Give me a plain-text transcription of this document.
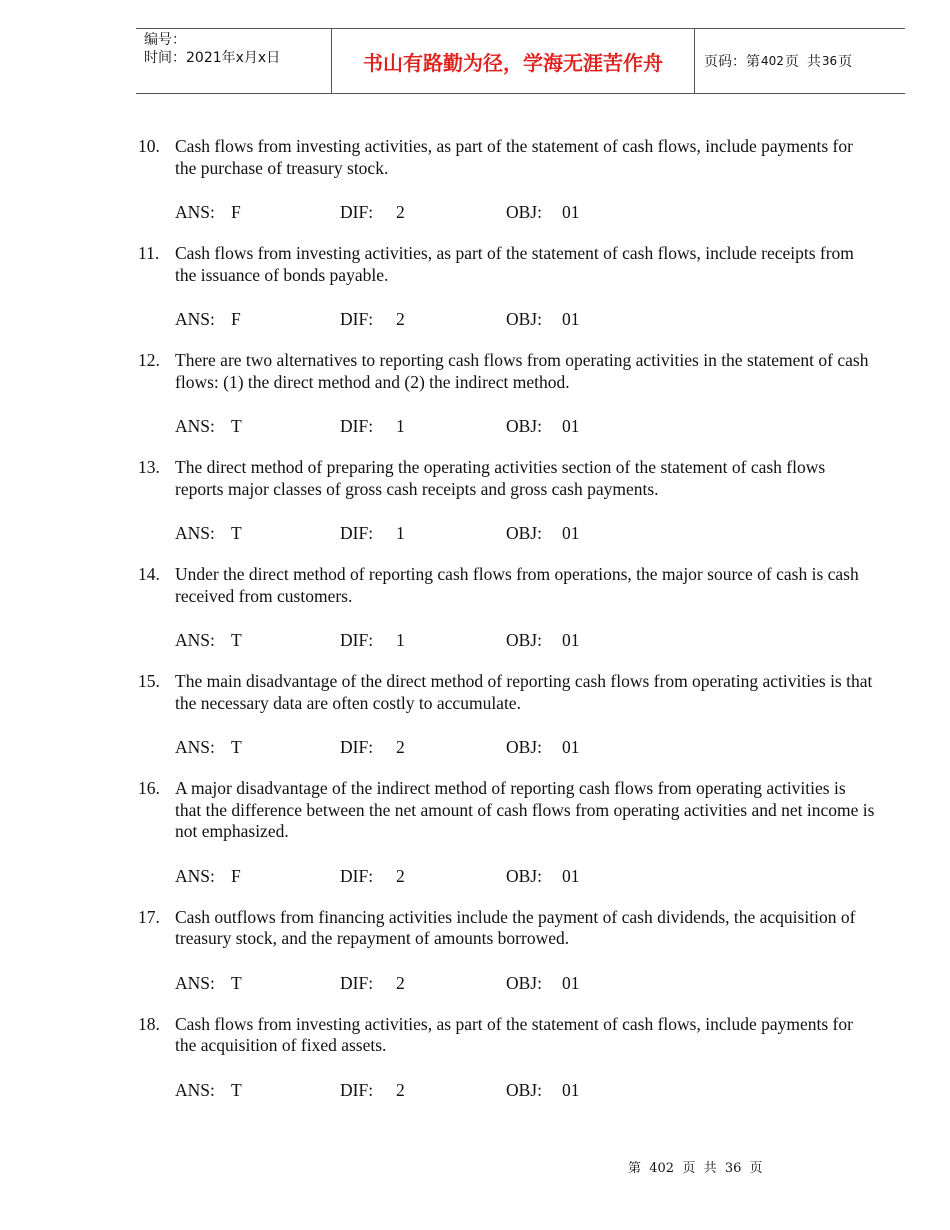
编号：
时间：2021年x月x日	书山有路勤为径，学海无涯苦作舟	页码：第 402 页 共 36 页
10. Cash flows from investing activities, as part of the statement of cash flows, include payments for the purchase of treasury stock.
ANS: F	DIF: 2	OBJ: 01
11. Cash flows from investing activities, as part of the statement of cash flows, include receipts from the issuance of bonds payable.
ANS: F	DIF: 2	OBJ: 01
12. There are two alternatives to reporting cash flows from operating activities in the statement of cash flows: (1) the direct method and (2) the indirect method.
ANS: T	DIF: 1	OBJ: 01
13. The direct method of preparing the operating activities section of the statement of cash flows reports major classes of gross cash receipts and gross cash payments.
ANS: T	DIF: 1	OBJ: 01
14. Under the direct method of reporting cash flows from operations, the major source of cash is cash received from customers.
ANS: T	DIF: 1	OBJ: 01
15. The main disadvantage of the direct method of reporting cash flows from operating activities is that the necessary data are often costly to accumulate.
ANS: T	DIF: 2	OBJ: 01
16. A major disadvantage of the indirect method of reporting cash flows from operating activities is that the difference between the net amount of cash flows from operating activities and net income is not emphasized.
ANS: F	DIF: 2	OBJ: 01
17. Cash outflows from financing activities include the payment of cash dividends, the acquisition of treasury stock, and the repayment of amounts borrowed.
ANS: T	DIF: 2	OBJ: 01
18. Cash flows from investing activities, as part of the statement of cash flows, include payments for the acquisition of fixed assets.
ANS: T	DIF: 2	OBJ: 01
第  402  页  共  36  页
